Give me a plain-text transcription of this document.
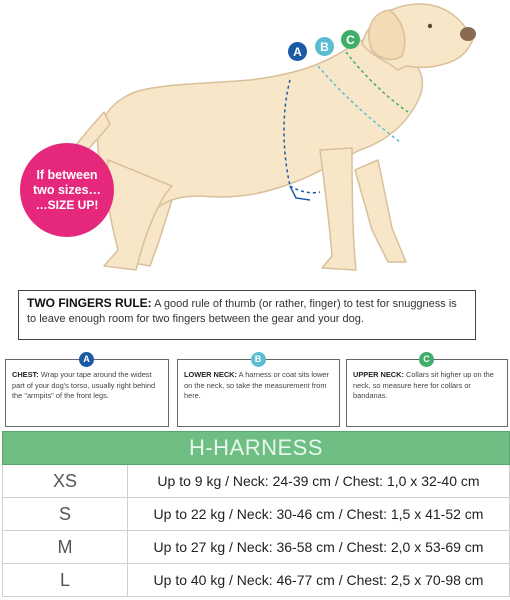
If between
two sizes…
…SIZE UP!
A	B	C
TWO FINGERS RULE: A good rule of thumb (or rather, finger) to test for snuggness is to leave enough room for two fingers between the gear and your dog.
A
CHEST: Wrap your tape around the widest part of your dog's torso, usually right behind the "armpits" of the front legs.
B
LOWER NECK: A harness or coat sits lower on the neck, so take the measurement from here.
C
UPPER NECK: Collars sit higher up on the neck, so measure here for collars or bandanas.
H-HARNESS	
XS	Up to 9 kg / Neck: 24-39 cm / Chest: 1,0 x 32-40 cm
S	Up to 22 kg / Neck: 30-46 cm / Chest: 1,5 x 41-52 cm
M	Up to 27 kg / Neck: 36-58 cm / Chest: 2,0 x 53-69 cm
L	Up to 40 kg / Neck: 46-77 cm / Chest: 2,5 x 70-98 cm
